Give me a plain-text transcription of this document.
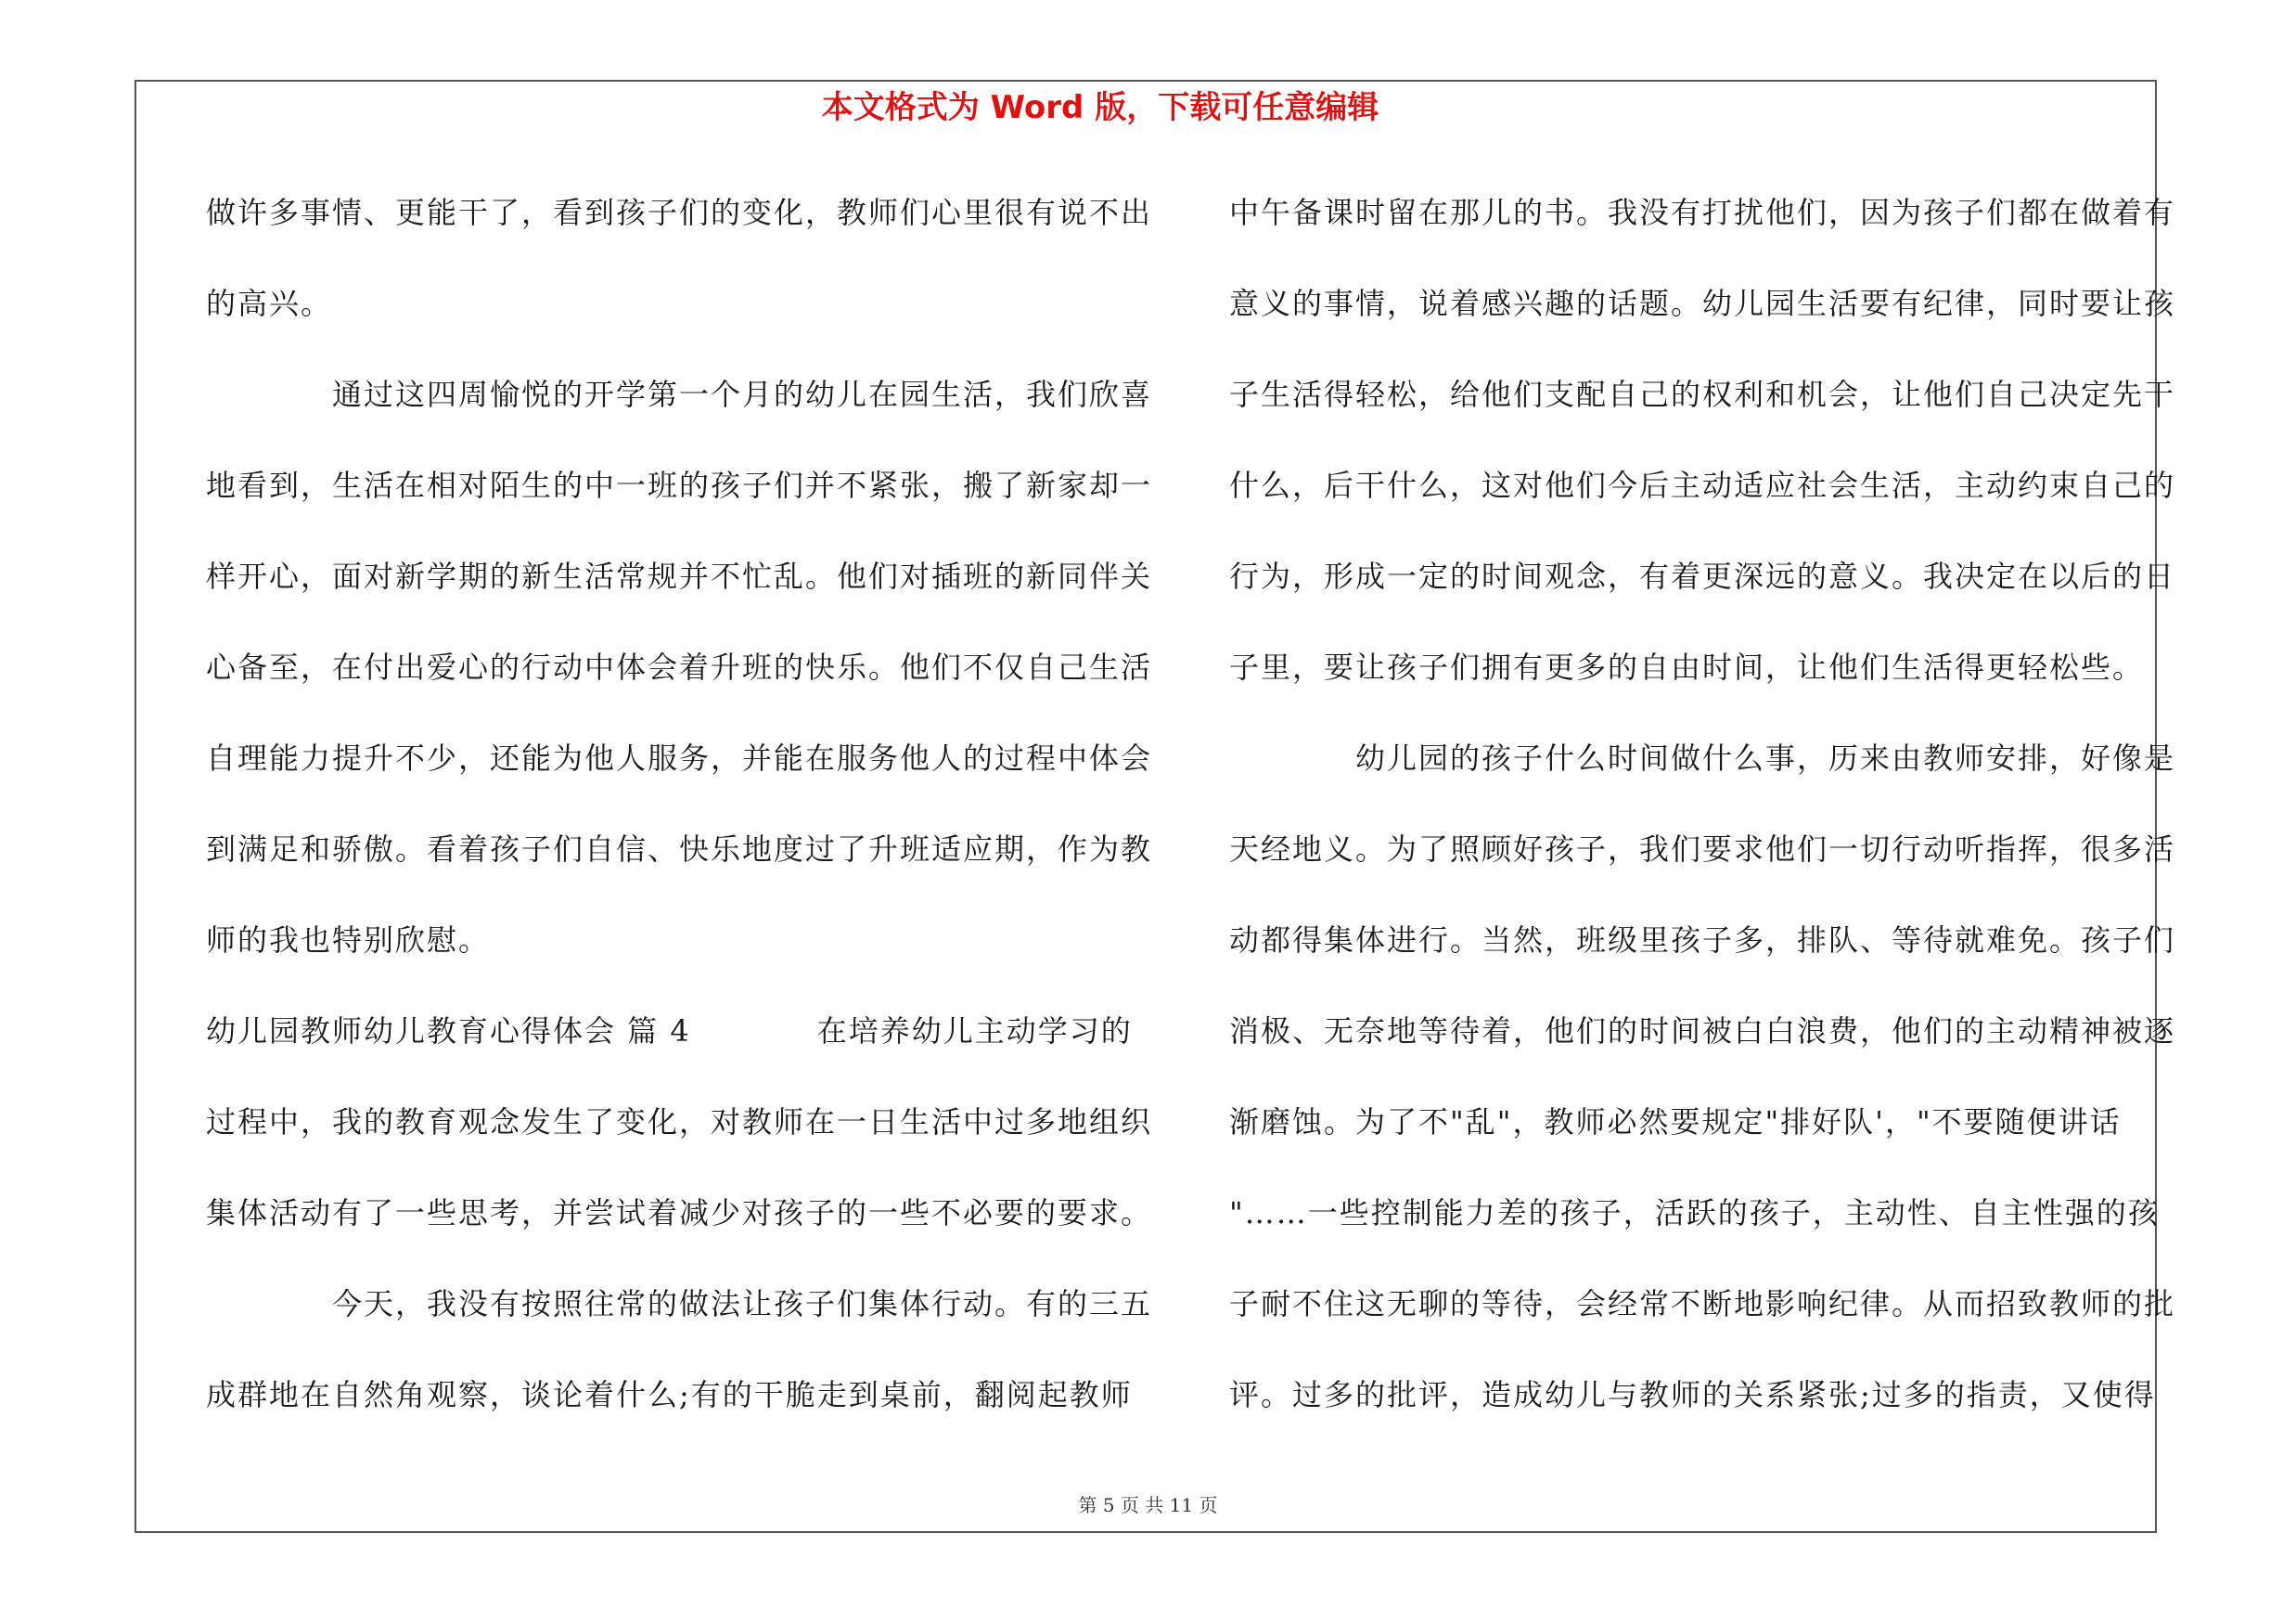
本文格式为 Word 版，下载可任意编辑
做许多事情、更能干了，看到孩子们的变化，教师们心里很有说不出
的高兴。
　　　　通过这四周愉悦的开学第一个月的幼儿在园生活，我们欣喜
地看到，生活在相对陌生的中一班的孩子们并不紧张，搬了新家却一
样开心，面对新学期的新生活常规并不忙乱。他们对插班的新同伴关
心备至，在付出爱心的行动中体会着升班的快乐。他们不仅自己生活
自理能力提升不少，还能为他人服务，并能在服务他人的过程中体会
到满足和骄傲。看着孩子们自信、快乐地度过了升班适应期，作为教
师的我也特别欣慰。
幼儿园教师幼儿教育心得体会 篇 4　　　　在培养幼儿主动学习的
过程中，我的教育观念发生了变化，对教师在一日生活中过多地组织
集体活动有了一些思考，并尝试着减少对孩子的一些不必要的要求。
　　　　今天，我没有按照往常的做法让孩子们集体行动。有的三五
成群地在自然角观察，谈论着什么;有的干脆走到桌前，翻阅起教师
中午备课时留在那儿的书。我没有打扰他们，因为孩子们都在做着有
意义的事情，说着感兴趣的话题。幼儿园生活要有纪律，同时要让孩
子生活得轻松，给他们支配自己的权利和机会，让他们自己决定先干
什么，后干什么，这对他们今后主动适应社会生活，主动约束自己的
行为，形成一定的时间观念，有着更深远的意义。我决定在以后的日
子里，要让孩子们拥有更多的自由时间，让他们生活得更轻松些。
　　　　幼儿园的孩子什么时间做什么事，历来由教师安排，好像是
天经地义。为了照顾好孩子，我们要求他们一切行动听指挥，很多活
动都得集体进行。当然，班级里孩子多，排队、等待就难免。孩子们
消极、无奈地等待着，他们的时间被白白浪费，他们的主动精神被逐
渐磨蚀。为了不"乱"，教师必然要规定"排好队'，"不要随便讲话
"……一些控制能力差的孩子，活跃的孩子，主动性、自主性强的孩
子耐不住这无聊的等待，会经常不断地影响纪律。从而招致教师的批
评。过多的批评，造成幼儿与教师的关系紧张;过多的指责，又使得
第 5 页 共 11 页
